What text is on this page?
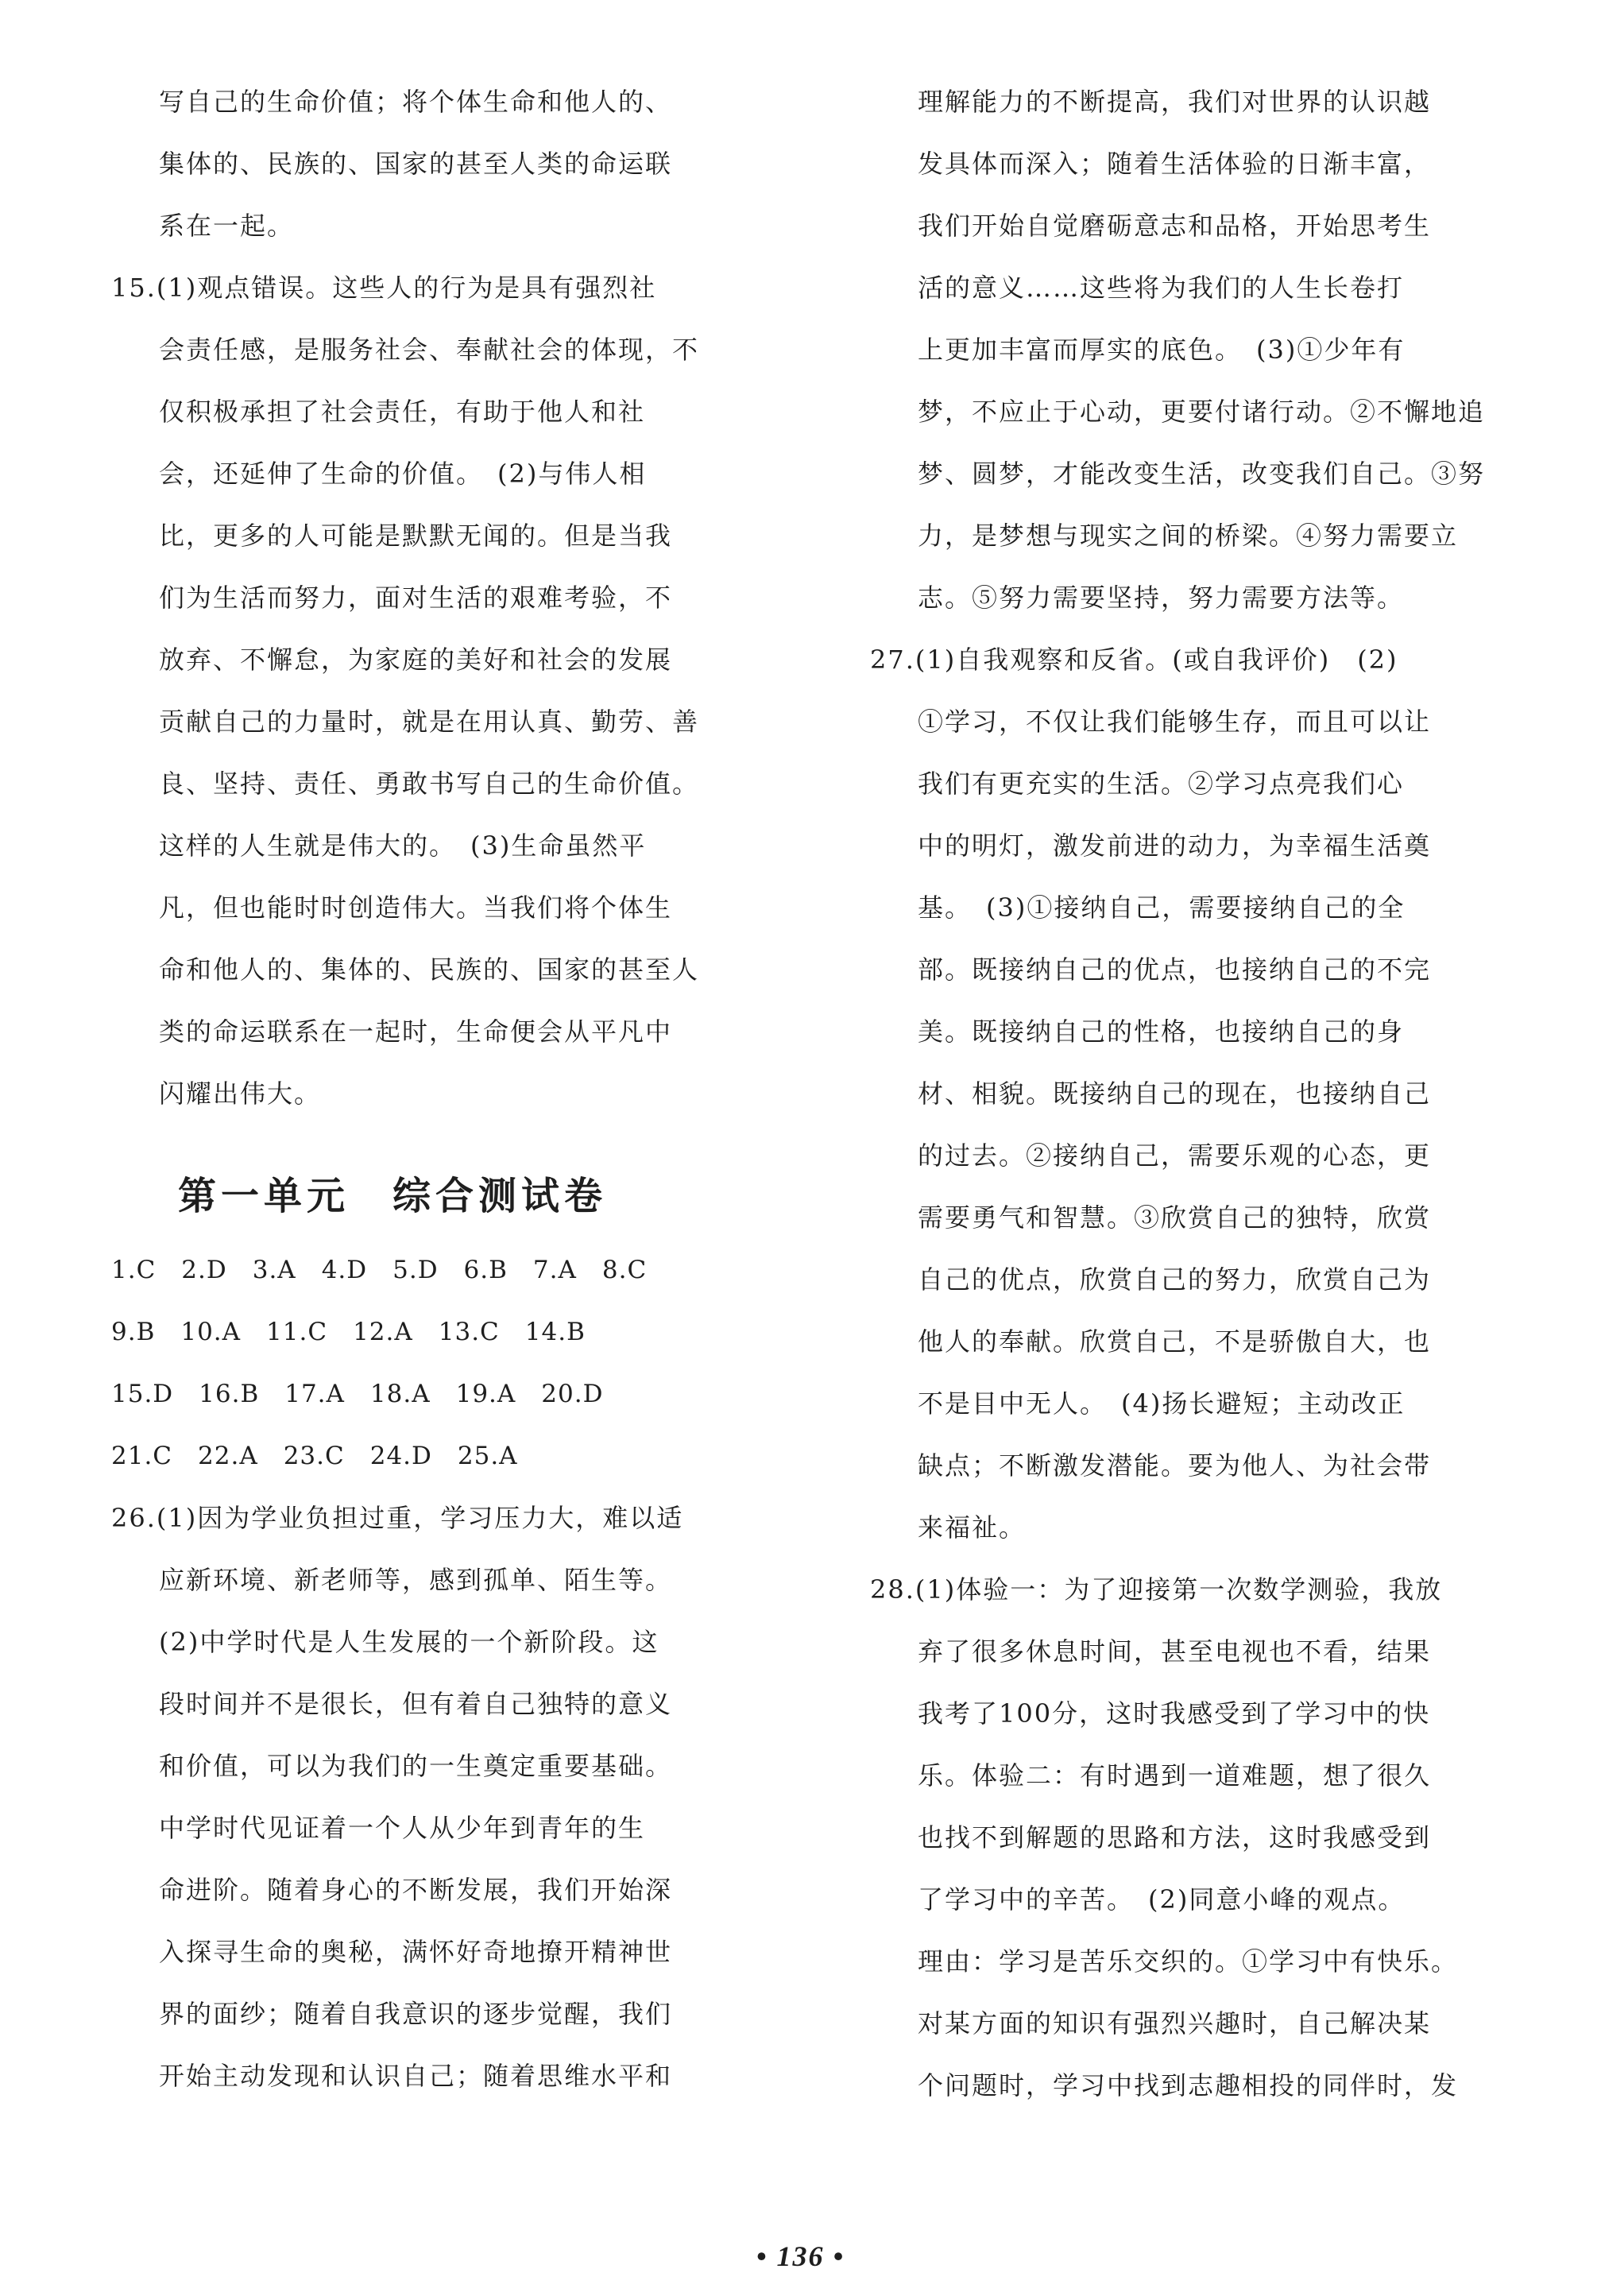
写自己的生命价值；将个体生命和他人的、
集体的、民族的、国家的甚至人类的命运联
系在一起。
15.(1)观点错误。这些人的行为是具有强烈社
会责任感，是服务社会、奉献社会的体现，不
仅积极承担了社会责任，有助于他人和社
会，还延伸了生命的价值。　(2)与伟人相
比，更多的人可能是默默无闻的。但是当我
们为生活而努力，面对生活的艰难考验，不
放弃、不懈怠，为家庭的美好和社会的发展
贡献自己的力量时，就是在用认真、勤劳、善
良、坚持、责任、勇敢书写自己的生命价值。
这样的人生就是伟大的。　(3)生命虽然平
凡，但也能时时创造伟大。当我们将个体生
命和他人的、集体的、民族的、国家的甚至人
类的命运联系在一起时，生命便会从平凡中
闪耀出伟大。
第一单元　综合测试卷
1.C　2.D　3.A　4.D　5.D　6.B　7.A　8.C
9.B　10.A　11.C　12.A　13.C　14.B
15.D　16.B　17.A　18.A　19.A　20.D
21.C　22.A　23.C　24.D　25.A
26.(1)因为学业负担过重，学习压力大，难以适
应新环境、新老师等，感到孤单、陌生等。
(2)中学时代是人生发展的一个新阶段。这
段时间并不是很长，但有着自己独特的意义
和价值，可以为我们的一生奠定重要基础。
中学时代见证着一个人从少年到青年的生
命进阶。随着身心的不断发展，我们开始深
入探寻生命的奥秘，满怀好奇地撩开精神世
界的面纱；随着自我意识的逐步觉醒，我们
开始主动发现和认识自己；随着思维水平和
理解能力的不断提高，我们对世界的认识越
发具体而深入；随着生活体验的日渐丰富，
我们开始自觉磨砺意志和品格，开始思考生
活的意义……这些将为我们的人生长卷打
上更加丰富而厚实的底色。　(3)①少年有
梦，不应止于心动，更要付诸行动。②不懈地追
梦、圆梦，才能改变生活，改变我们自己。③努
力，是梦想与现实之间的桥梁。④努力需要立
志。⑤努力需要坚持，努力需要方法等。
27.(1)自我观察和反省。(或自我评价)　(2)
①学习，不仅让我们能够生存，而且可以让
我们有更充实的生活。②学习点亮我们心
中的明灯，激发前进的动力，为幸福生活奠
基。　(3)①接纳自己，需要接纳自己的全
部。既接纳自己的优点，也接纳自己的不完
美。既接纳自己的性格，也接纳自己的身
材、相貌。既接纳自己的现在，也接纳自己
的过去。②接纳自己，需要乐观的心态，更
需要勇气和智慧。③欣赏自己的独特，欣赏
自己的优点，欣赏自己的努力，欣赏自己为
他人的奉献。欣赏自己，不是骄傲自大，也
不是目中无人。　(4)扬长避短；主动改正
缺点；不断激发潜能。要为他人、为社会带
来福祉。
28.(1)体验一：为了迎接第一次数学测验，我放
弃了很多休息时间，甚至电视也不看，结果
我考了100分，这时我感受到了学习中的快
乐。体验二：有时遇到一道难题，想了很久
也找不到解题的思路和方法，这时我感受到
了学习中的辛苦。　(2)同意小峰的观点。
理由：学习是苦乐交织的。①学习中有快乐。
对某方面的知识有强烈兴趣时，自己解决某
个问题时，学习中找到志趣相投的同伴时，发
• 136 •
